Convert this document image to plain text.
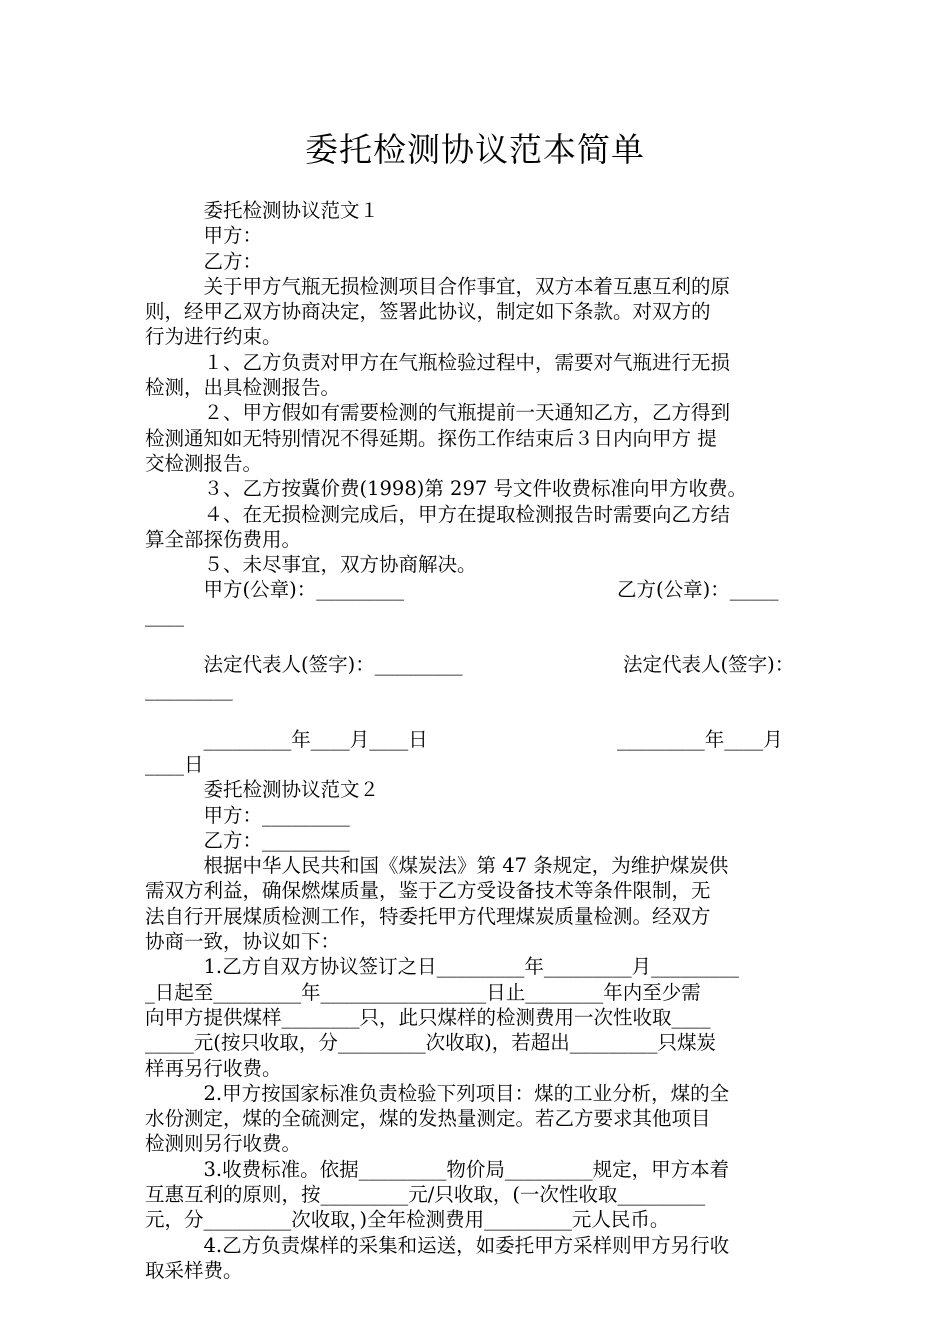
委托检测协议范本简单
　　　委托检测协议范文１
　　　甲方：
　　　乙方：
　　　关于甲方气瓶无损检测项目合作事宜，双方本着互惠互利的原
则，经甲乙双方协商决定，签署此协议，制定如下条款。对双方的
行为进行约束。
　　　１、乙方负责对甲方在气瓶检验过程中，需要对气瓶进行无损
检测，出具检测报告。
　　　２、甲方假如有需要检测的气瓶提前一天通知乙方，乙方得到
检测通知如无特别情况不得延期。探伤工作结束后３日内向甲方 提
交检测报告。
　　　３、乙方按冀价费(1998)第 297 号文件收费标准向甲方收费。
　　　４、在无损检测完成后，甲方在提取检测报告时需要向乙方结
算全部探伤费用。
　　　５、未尽事宜，双方协商解决。
　　　甲方(公章)：_________	乙方(公章)：_____
____
　　　法定代表人(签字)：_________	法定代表人(签字)：
_________
　　　_________年____月____日	_________年____月
____日
　　　委托检测协议范文２
　　　甲方：_________
　　　乙方：_________
　　　根据中华人民共和国《煤炭法》第 47 条规定，为维护煤炭供
需双方利益，确保燃煤质量，鉴于乙方受设备技术等条件限制，无
法自行开展煤质检测工作，特委托甲方代理煤炭质量检测。经双方
协商一致，协议如下：
　　　1.乙方自双方协议签订之日_________年_________月_________
_日起至_________年_________________日止________年内至少需
向甲方提供煤样________只，此只煤样的检测费用一次性收取____
_____元(按只收取，分_________次收取)，若超出_________只煤炭
样再另行收费。
　　　2.甲方按国家标准负责检验下列项目：煤的工业分析，煤的全
水份测定，煤的全硫测定，煤的发热量测定。若乙方要求其他项目
检测则另行收费。
　　　3.收费标准。依据_________物价局_________规定，甲方本着
互惠互利的原则，按_________元/只收取，(一次性收取_________
元，分_________次收取，)全年检测费用_________元人民币。
　　　4.乙方负责煤样的采集和运送，如委托甲方采样则甲方另行收
取采样费。
